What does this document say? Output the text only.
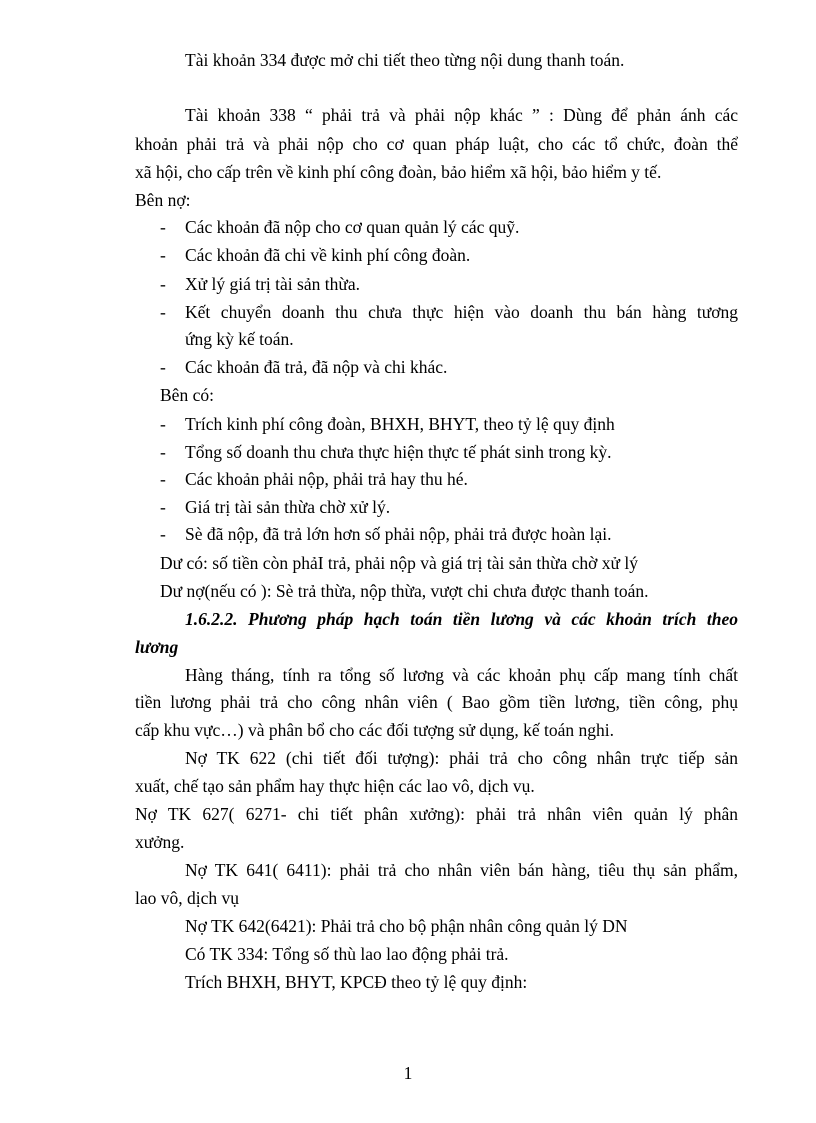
Tài khoản 334 được mở chi tiết theo từng nội dung thanh toán.
Tài khoản 338 “ phải trả và phải nộp khác ” : Dùng để phản ánh các
khoản phải trả và phải nộp cho cơ quan pháp luật, cho các tổ chức, đoàn thể
xã hội, cho cấp trên về kinh phí công đoàn, bảo hiểm xã hội, bảo hiểm y tế.
Bên nợ:
- Các khoản đã nộp cho cơ quan quản lý các quỹ.
- Các khoản đã chi về kinh phí công đoàn.
- Xử lý giá trị tài sản thừa.
- Kết chuyển doanh thu chưa thực hiện vào doanh thu bán hàng tương
ứng kỳ kế toán.
- Các khoản đã trả, đã nộp và chi khác.
Bên có:
- Trích kinh phí công đoàn, BHXH, BHYT, theo tỷ lệ quy định
- Tổng số doanh thu chưa thực hiện thực tế phát sinh trong kỳ.
- Các khoản phải nộp, phải trả hay thu hé.
- Giá trị tài sản thừa chờ xử lý.
- Sè đã nộp, đã trả lớn hơn số phải nộp, phải trả được hoàn lại.
Dư có: số tiền còn phảI trả, phải nộp và giá trị tài sản thừa chờ xử lý
Dư nợ(nếu có ): Sè trả thừa, nộp thừa, vượt chi chưa được thanh toán.
1.6.2.2. Phương pháp hạch toán tiền lương và các khoản trích theo
lương
Hàng tháng, tính ra tổng số lương và các khoản phụ cấp mang tính chất
tiền lương phải trả cho công nhân viên ( Bao gồm tiền lương, tiền công, phụ
cấp khu vực…) và phân bổ cho các đối tượng sử dụng, kế toán nghi.
Nợ TK 622 (chi tiết đối tượng): phải trả cho công nhân trực tiếp sản
xuất, chế tạo sản phẩm hay thực hiện các lao vô, dịch vụ.
Nợ TK 627( 6271- chi tiết phân xưởng): phải trả nhân viên quản lý phân
xưởng.
Nợ TK 641( 6411): phải trả cho nhân viên bán hàng, tiêu thụ sản phẩm,
lao vô, dịch vụ
Nợ TK 642(6421): Phải trả cho bộ phận nhân công quản lý DN
Có TK 334: Tổng số thù lao lao động phải trả.
Trích BHXH, BHYT, KPCĐ theo tỷ lệ quy định:
1
